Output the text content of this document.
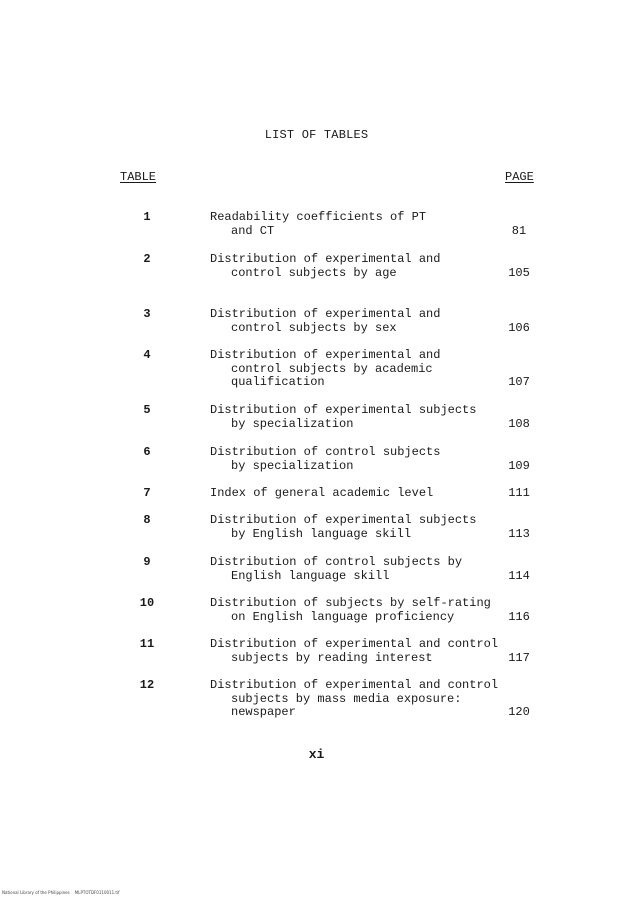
LIST OF TABLES
TABLE	PAGE
1	Readability coefficients of PT
and CT	81
2	Distribution of experimental and
control subjects by age	105
3	Distribution of experimental and
control subjects by sex	106
4	Distribution of experimental and
control subjects by academic
qualification	107
5	Distribution of experimental subjects
by specialization	108
6	Distribution of control subjects
by specialization	109
7	Index of general academic level	111
8	Distribution of experimental subjects
by English language skill	113
9	Distribution of control subjects by
English language skill	114
10	Distribution of subjects by self-rating
on English language proficiency	116
11	Distribution of experimental and control
subjects by reading interest	117
12	Distribution of experimental and control
subjects by mass media exposure:
newspaper	120
xi
National Library of the Philippines    MLPTOTDF0110011.tif
